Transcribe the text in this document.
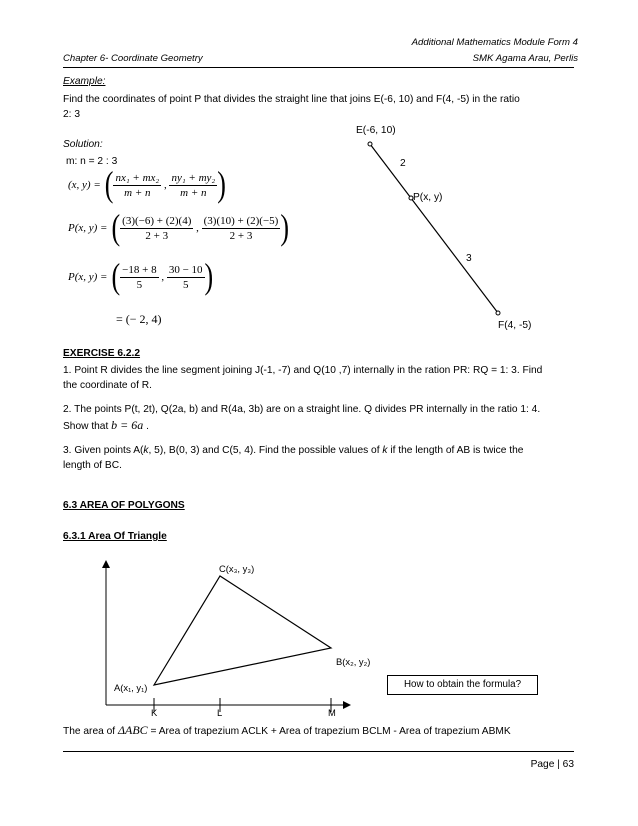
Additional Mathematics Module Form 4
Chapter 6- Coordinate Geometry	SMK Agama Arau, Perlis
Example:
Find the coordinates of point P that divides the straight line that joins E(-6, 10) and F(4, -5) in the ratio
2: 3
Solution:
m: n = 2 : 3
(x, y) = ( $\frac{\text{nx₁ + mx₂}}{m + n}$ , $\frac{\text{ny₁ + my₂}}{m + n}$ )
P(x, y) = ( $\frac{(3)(-6) + (2)(4)}{2 + 3}$ , $\frac{(3)(10) + (2)(-5)}{2 + 3}$ )
P(x, y) = ( $\frac{-18 + 8}{5}$ , $\frac{30 - 10}{5}$ )
= (− 2, 4)
E(-6, 10)
2
P(x, y)
3
F(4, -5)
EXERCISE 6.2.2
1. Point R divides the line segment joining J(-1, -7) and Q(10 ,7) internally in the ration PR: RQ = 1: 3. Find
the coordinate of R.
2. The points P(t, 2t), Q(2a, b) and R(4a, 3b) are on a straight line. Q divides PR internally in the ratio 1: 4.
Show that b = 6a .
3. Given points A(k, 5), B(0, 3) and C(5, 4). Find the possible values of k if the length of AB is twice the
length of BC.
6.3 AREA OF POLYGONS
6.3.1 Area Of Triangle
C(x₃, y₃)
B(x₂, y₂)
A(x₁, y₁)
K	L	M
How to obtain the formula?
The area of ΔABC = Area of trapezium ACLK + Area of trapezium BCLM - Area of trapezium ABMK
Page | 63
